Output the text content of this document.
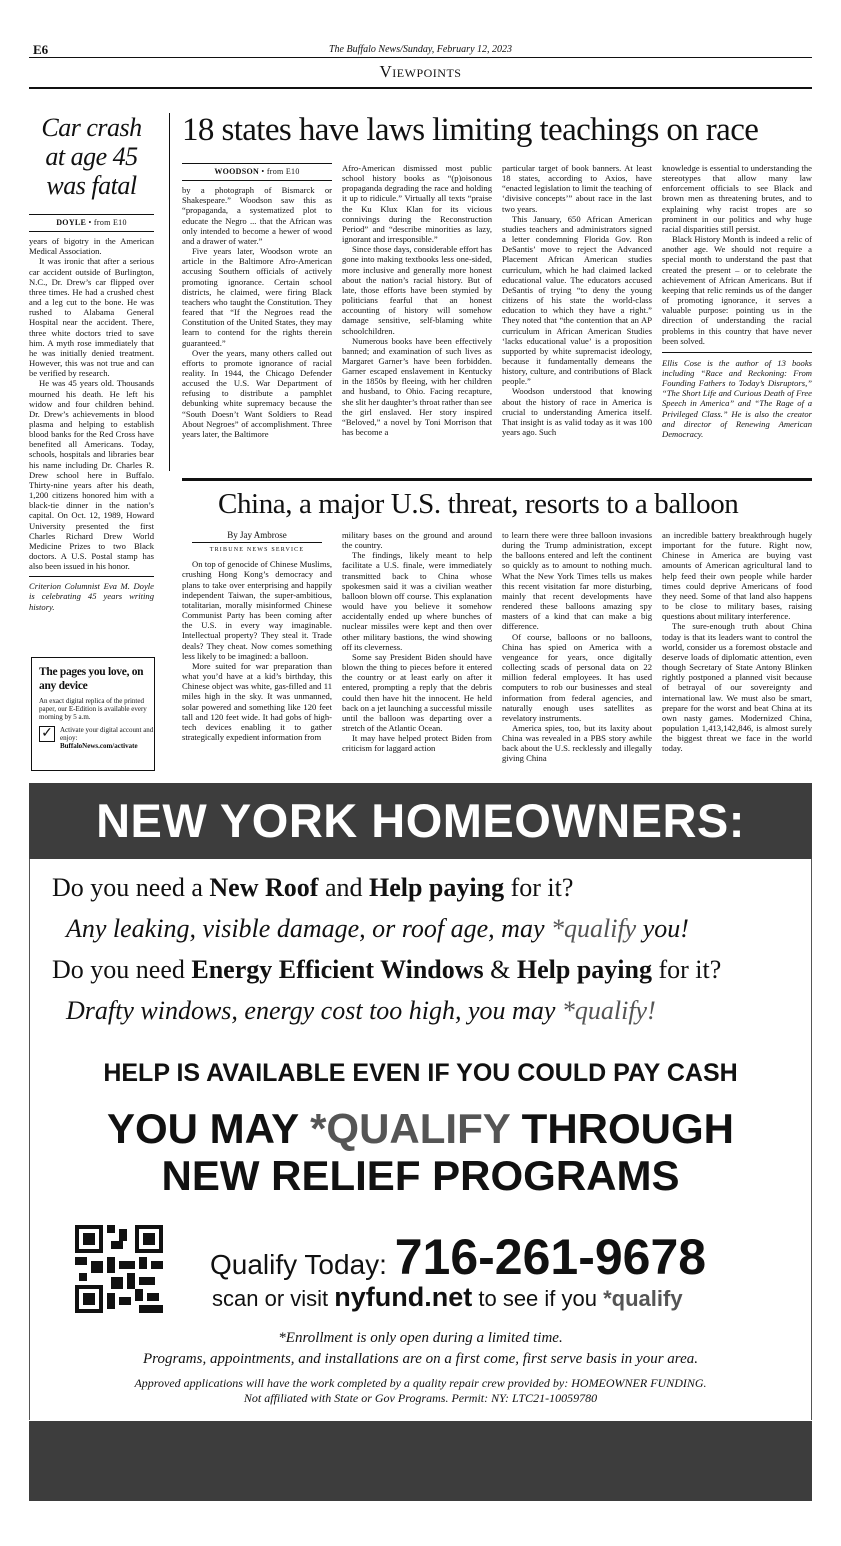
E6	The Buffalo News/Sunday, February 12, 2023
Viewpoints
Car crash at age 45 was fatal
DOYLE • from E10

years of bigotry in the American Medical Association.

It was ironic that after a serious car accident outside of Burlington, N.C., Dr. Drew’s car flipped over three times. He had a crushed chest and a leg cut to the bone. He was rushed to Alabama General Hospital near the accident. There, three white doctors tried to save him. A myth rose immediately that he was initially denied treatment. However, this was not true and can be verified by research.

He was 45 years old. Thousands mourned his death. He left his widow and four children behind. Dr. Drew’s achievements in blood plasma and helping to establish blood banks for the Red Cross have benefited all Americans. Today, schools, hospitals and libraries bear his name including Dr. Charles R. Drew school here in Buffalo. Thirty-nine years after his death, 1,200 citizens honored him with a black-tie dinner in the nation’s capital. On Oct. 12, 1989, Howard University presented the first Charles Richard Drew World Medicine Prizes to two Black doctors. A U.S. Postal stamp has also been issued in his honor.

Criterion Columnist Eva M. Doyle is celebrating 45 years writing history.
The pages you love, on any device
An exact digital replica of the printed paper, our E-Edition is available every morning by 5 a.m.
✓	Activate your digital account and enjoy:
BuffaloNews.com/activate
18 states have laws limiting teachings on race
WOODSON • from E10

by a photograph of Bismarck or Shakespeare.” Woodson saw this as “propaganda, a systematized plot to educate the Negro ... that the African was only intended to become a hewer of wood and a drawer of water.”

Five years later, Woodson wrote an article in the Baltimore Afro-American accusing Southern officials of actively promoting ignorance. Certain school districts, he claimed, were firing Black teachers who taught the Constitution. They feared that “If the Negroes read the Constitution of the United States, they may learn to contend for the rights therein guaranteed.”

Over the years, many others called out efforts to promote ignorance of racial reality. In 1944, the Chicago Defender accused the U.S. War Department of refusing to distribute a pamphlet debunking white supremacy because the “South Doesn’t Want Soldiers to Read About Negroes” of accomplishment. Three years later, the Baltimore

Afro-American dismissed most public school history books as “(p)oisonous propaganda degrading the race and holding it up to ridicule.” Virtually all texts “praise the Ku Klux Klan for its vicious connivings during the Reconstruction Period” and “describe minorities as lazy, ignorant and irresponsible.”

Since those days, considerable effort has gone into making textbooks less one-sided, more inclusive and generally more honest about the nation’s racial history. But of late, those efforts have been stymied by politicians fearful that an honest accounting of history will somehow damage sensitive, self-blaming white schoolchildren.

Numerous books have been effectively banned; and examination of such lives as Margaret Garner’s have been forbidden. Garner escaped enslavement in Kentucky in the 1850s by fleeing, with her children and husband, to Ohio. Facing recapture, she slit her daughter’s throat rather than see the girl enslaved. Her story inspired “Beloved,” a novel by Toni Morrison that has become a

particular target of book banners. At least 18 states, according to Axios, have “enacted legislation to limit the teaching of ‘divisive concepts’” about race in the last two years.

This January, 650 African American studies teachers and administrators signed a letter condemning Florida Gov. Ron DeSantis’ move to reject the Advanced Placement African American studies curriculum, which he had claimed lacked educational value. The educators accused DeSantis of trying “to deny the young citizens of his state the world-class education to which they have a right.” They noted that “the contention that an AP curriculum in African American Studies ‘lacks educational value’ is a proposition supported by white supremacist ideology, because it fundamentally demeans the history, culture, and contributions of Black people.”

Woodson understood that knowing about the history of race in America is crucial to understanding America itself. That insight is as valid today as it was 100 years ago. Such

knowledge is essential to understanding the stereotypes that allow many law enforcement officials to see Black and brown men as threatening brutes, and to explaining why racist tropes are so prominent in our politics and why huge racial disparities still persist.

Black History Month is indeed a relic of another age. We should not require a special month to understand the past that created the present – or to celebrate the achievement of African Americans. But if keeping that relic reminds us of the danger of promoting ignorance, it serves a valuable purpose: pointing us in the direction of understanding the racial problems in this country that have never been solved.

Ellis Cose is the author of 13 books including “Race and Reckoning: From Founding Fathers to Today’s Disruptors,” “The Short Life and Curious Death of Free Speech in America” and “The Rage of a Privileged Class.” He is also the creator and director of Renewing American Democracy.
China, a major U.S. threat, resorts to a balloon
By Jay Ambrose
TRIBUNE NEWS SERVICE

On top of genocide of Chinese Muslims, crushing Hong Kong’s democracy and plans to take over enterprising and happily independent Taiwan, the super-ambitious, totalitarian, morally misinformed Chinese Communist Party has been coming after the U.S. in every way imaginable. Intellectual property? They steal it. Trade deals? They cheat. Now comes something less likely to be imagined: a balloon.

More suited for war preparation than what you’d have at a kid’s birthday, this Chinese object was white, gas-filled and 11 miles high in the sky. It was unmanned, solar powered and something like 120 feet tall and 120 feet wide. It had gobs of high-tech devices enabling it to gather strategically expedient information from

military bases on the ground and around the country.

The findings, likely meant to help facilitate a U.S. finale, were immediately transmitted back to China whose spokesmen said it was a civilian weather balloon blown off course. This explanation would have you believe it somehow accidentally ended up where bunches of nuclear missiles were kept and then over other military bastions, the wind showing off its cleverness.

Some say President Biden should have blown the thing to pieces before it entered the country or at least early on after it entered, prompting a reply that the debris could then have hit the innocent. He held back on a jet launching a successful missile until the balloon was departing over a stretch of the Atlantic Ocean.

It may have helped protect Biden from criticism for laggard action

to learn there were three balloon invasions during the Trump administration, except the balloons entered and left the continent so quickly as to amount to nothing much. What the New York Times tells us makes this recent visitation far more disturbing, mainly that recent developments have rendered these balloons amazing spy masters of a kind that can make a big difference.

Of course, balloons or no balloons, China has spied on America with a vengeance for years, once digitally collecting scads of personal data on 22 million federal employees. It has used computers to rob our businesses and steal information from federal agencies, and naturally enough uses satellites as revelatory instruments.

America spies, too, but its laxity about China was revealed in a PBS story awhile back about the U.S. recklessly and illegally giving China

an incredible battery breakthrough hugely important for the future. Right now, Chinese in America are buying vast amounts of American agricultural land to help feed their own people while harder times could deprive Americans of food they need. Some of that land also happens to be close to military bases, raising questions about military interference.

The sure-enough truth about China today is that its leaders want to control the world, consider us a foremost obstacle and deserve loads of diplomatic attention, even though Secretary of State Antony Blinken rightly postponed a planned visit because of betrayal of our sovereignty and international law. We must also be smart, prepare for the worst and beat China at its own nasty games. Modernized China, population 1,413,142,846, is almost surely the biggest threat we face in the world today.

NEW YORK HOMEOWNERS:
Do you need a New Roof and Help paying for it?
Any leaking, visible damage, or roof age, may *qualify you!
Do you need Energy Efficient Windows & Help paying for it?
Drafty windows, energy cost too high, you may *qualify!
HELP IS AVAILABLE EVEN IF YOU COULD PAY CASH
YOU MAY *QUALIFY THROUGH
NEW RELIEF PROGRAMS
Qualify Today: 716-261-9678
scan or visit nyfund.net to see if you *qualify
*Enrollment is only open during a limited time.
Programs, appointments, and installations are on a first come, first serve basis in your area.
Approved applications will have the work completed by a quality repair crew provided by: HOMEOWNER FUNDING.
Not affiliated with State or Gov Programs. Permit: NY: LTC21-10059780
